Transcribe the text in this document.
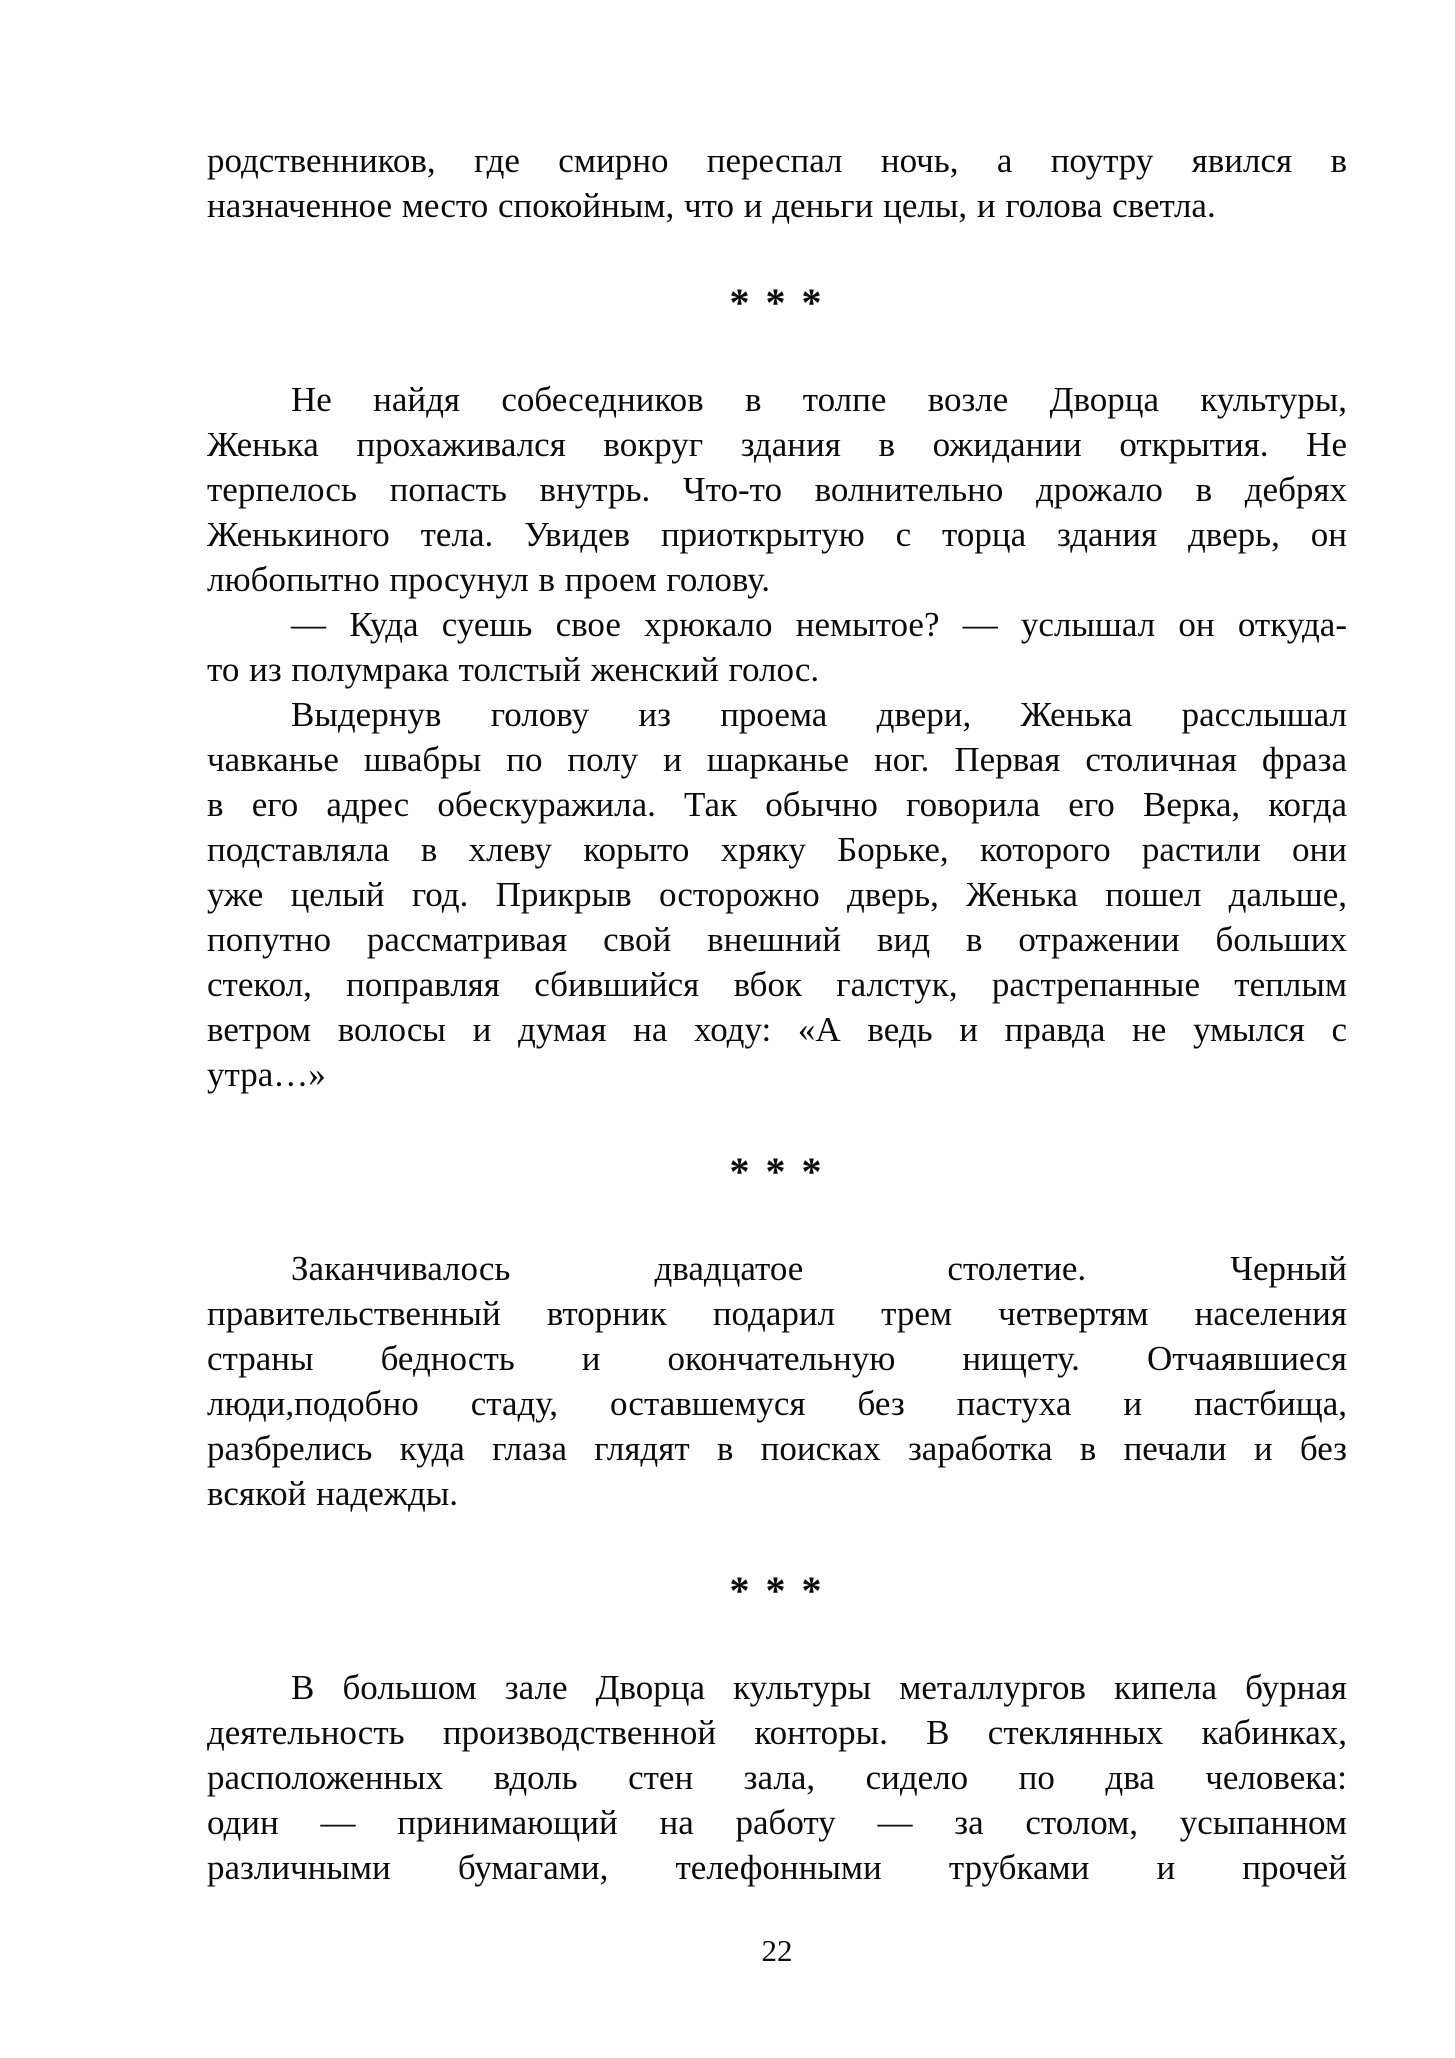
родственников, где смирно переспал ночь, а поутру явился в
назначенное место спокойным, что и деньги целы, и голова светла.
* * *
Не найдя собеседников в толпе возле Дворца культуры,
Женька прохаживался вокруг здания в ожидании открытия. Не
терпелось попасть внутрь. Что-то волнительно дрожало в дебрях
Женькиного тела. Увидев приоткрытую с торца здания дверь, он
любопытно просунул в проем голову.
— Куда суешь свое хрюкало немытое? — услышал он откуда-
то из полумрака толстый женский голос.
Выдернув голову из проема двери, Женька расслышал
чавканье швабры по полу и шарканье ног. Первая столичная фраза
в его адрес обескуражила. Так обычно говорила его Верка, когда
подставляла в хлеву корыто хряку Борьке, которого растили они
уже целый год. Прикрыв осторожно дверь, Женька пошел дальше,
попутно рассматривая свой внешний вид в отражении больших
стекол, поправляя сбившийся вбок галстук, растрепанные теплым
ветром волосы и думая на ходу: «А ведь и правда не умылся с
утра…»
* * *
Заканчивалось двадцатое столетие. Черный
правительственный вторник подарил трем четвертям населения
страны бедность и окончательную нищету. Отчаявшиеся
люди,подобно стаду, оставшемуся без пастуха и пастбища,
разбрелись куда глаза глядят в поисках заработка в печали и без
всякой надежды.
* * *
В большом зале Дворца культуры металлургов кипела бурная
деятельность производственной конторы. В стеклянных кабинках,
расположенных вдоль стен зала, сидело по два человека:
один — принимающий на работу — за столом, усыпанном
различными бумагами, телефонными трубками и прочей
22
